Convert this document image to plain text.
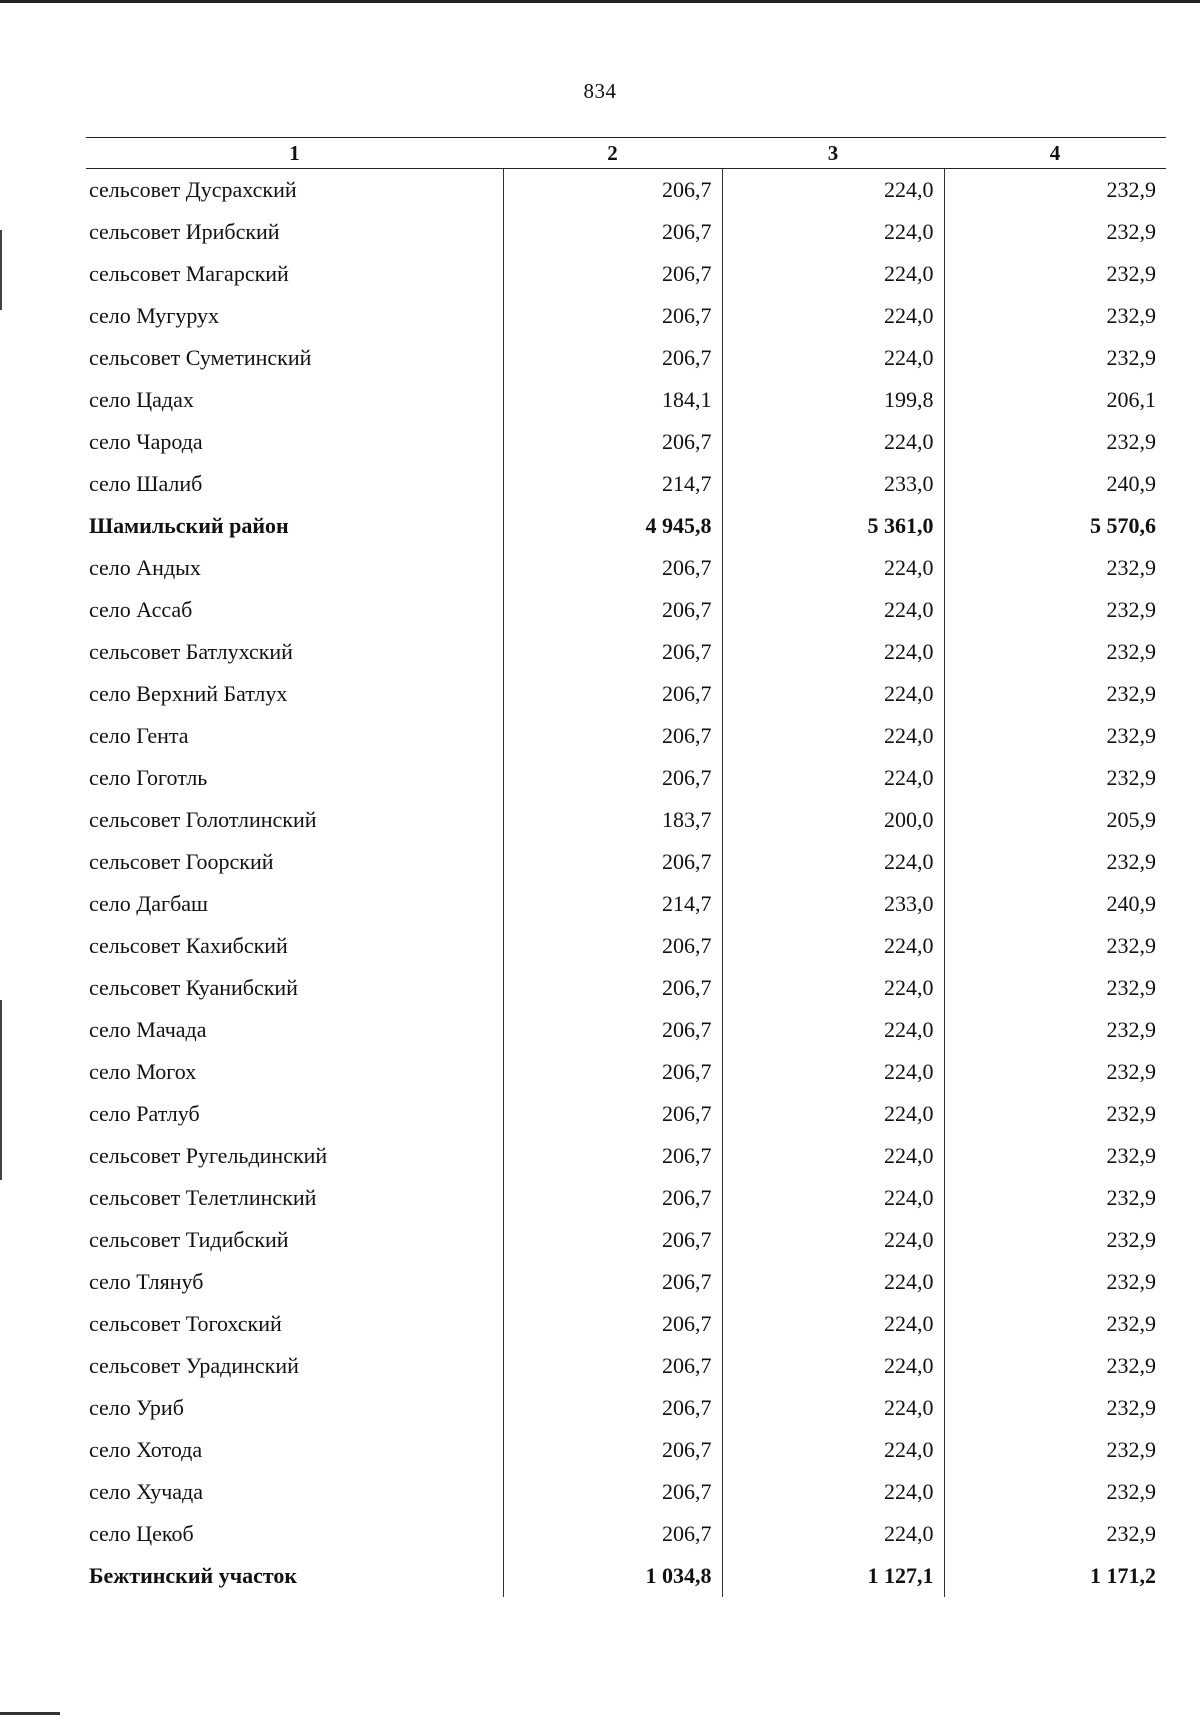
834
1	2	3	4
сельсовет Дусрахский	206,7	224,0	232,9
сельсовет Ирибский	206,7	224,0	232,9
сельсовет Магарский	206,7	224,0	232,9
село Мугурух	206,7	224,0	232,9
сельсовет Суметинский	206,7	224,0	232,9
село Цадах	184,1	199,8	206,1
село Чарода	206,7	224,0	232,9
село Шалиб	214,7	233,0	240,9
Шамильский район	4 945,8	5 361,0	5 570,6
село Андых	206,7	224,0	232,9
село Ассаб	206,7	224,0	232,9
сельсовет Батлухский	206,7	224,0	232,9
село Верхний Батлух	206,7	224,0	232,9
село Гента	206,7	224,0	232,9
село Гоготль	206,7	224,0	232,9
сельсовет Голотлинский	183,7	200,0	205,9
сельсовет Гоорский	206,7	224,0	232,9
село Дагбаш	214,7	233,0	240,9
сельсовет Кахибский	206,7	224,0	232,9
сельсовет Куанибский	206,7	224,0	232,9
село Мачада	206,7	224,0	232,9
село Могох	206,7	224,0	232,9
село Ратлуб	206,7	224,0	232,9
сельсовет Ругельдинский	206,7	224,0	232,9
сельсовет Телетлинский	206,7	224,0	232,9
сельсовет Тидибский	206,7	224,0	232,9
село Тлянуб	206,7	224,0	232,9
сельсовет Тогохский	206,7	224,0	232,9
сельсовет Урадинский	206,7	224,0	232,9
село Уриб	206,7	224,0	232,9
село Хотода	206,7	224,0	232,9
село Хучада	206,7	224,0	232,9
село Цекоб	206,7	224,0	232,9
Бежтинский участок	1 034,8	1 127,1	1 171,2
